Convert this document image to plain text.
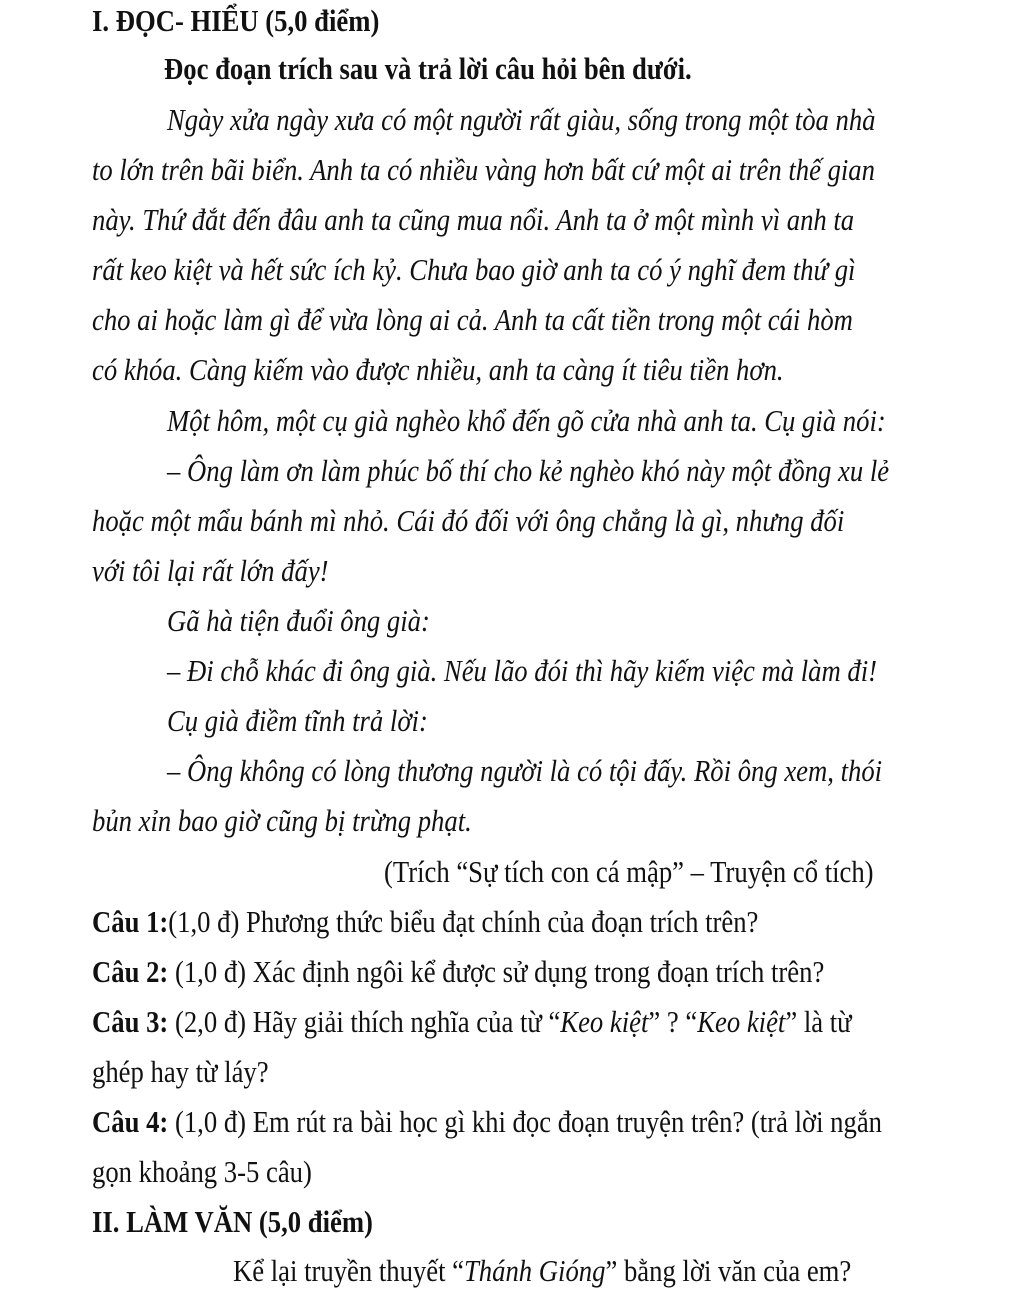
I. ĐỌC- HIỂU (5,0 điểm)
Đọc đoạn trích sau và trả lời câu hỏi bên dưới.
Ngày xửa ngày xưa có một người rất giàu, sống trong một tòa nhà
to lớn trên bãi biển. Anh ta có nhiều vàng hơn bất cứ một ai trên thế gian
này. Thứ đắt đến đâu anh ta cũng mua nổi. Anh ta ở một mình vì anh ta
rất keo kiệt và hết sức ích kỷ. Chưa bao giờ anh ta có ý nghĩ đem thứ gì
cho ai hoặc làm gì để vừa lòng ai cả. Anh ta cất tiền trong một cái hòm
có khóa. Càng kiếm vào được nhiều, anh ta càng ít tiêu tiền hơn.
Một hôm, một cụ già nghèo khổ đến gõ cửa nhà anh ta. Cụ già nói:
– Ông làm ơn làm phúc bố thí cho kẻ nghèo khó này một đồng xu lẻ
hoặc một mẩu bánh mì nhỏ. Cái đó đối với ông chẳng là gì, nhưng đối
với tôi lại rất lớn đấy!
Gã hà tiện đuổi ông già:
– Đi chỗ khác đi ông già. Nếu lão đói thì hãy kiếm việc mà làm đi!
Cụ già điềm tĩnh trả lời:
– Ông không có lòng thương người là có tội đấy. Rồi ông xem, thói
bủn xỉn bao giờ cũng bị trừng phạt.
(Trích “Sự tích con cá mập” – Truyện cổ tích)
Câu 1:(1,0 đ) Phương thức biểu đạt chính của đoạn trích trên?
Câu 2: (1,0 đ) Xác định ngôi kể được sử dụng trong đoạn trích trên?
Câu 3: (2,0 đ) Hãy giải thích nghĩa của từ “Keo kiệt” ? “Keo kiệt” là từ
ghép hay từ láy?
Câu 4: (1,0 đ) Em rút ra bài học gì khi đọc đoạn truyện trên? (trả lời ngắn
gọn khoảng 3-5 câu)
II. LÀM VĂN (5,0 điểm)
Kể lại truyền thuyết “Thánh Gióng” bằng lời văn của em?
